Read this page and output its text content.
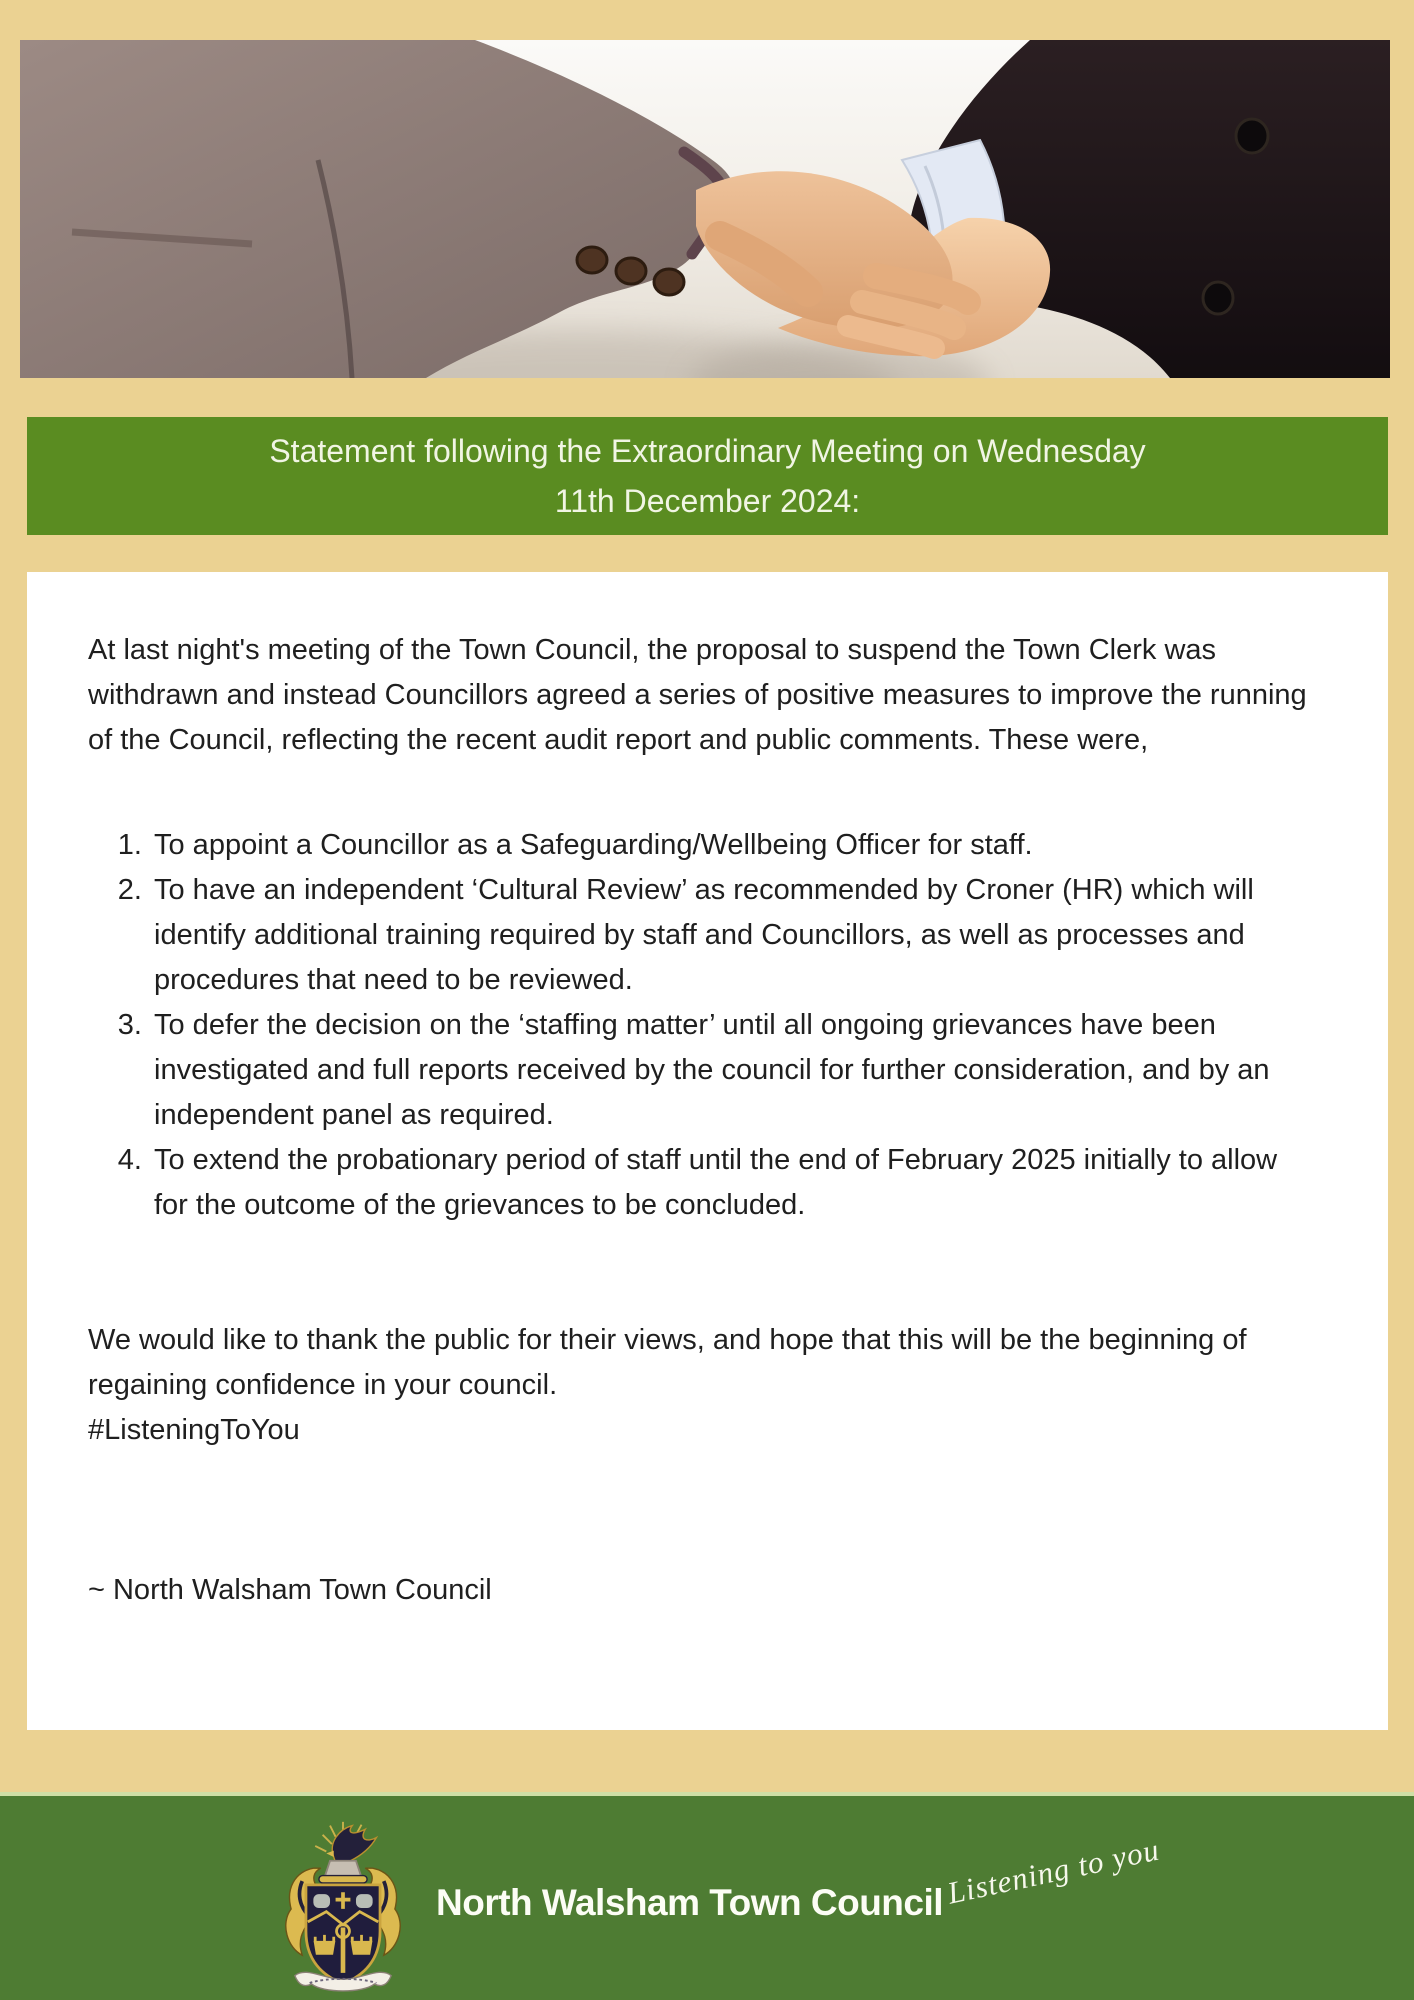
Statement following the Extraordinary Meeting on Wednesday
11th December 2024:

At last night's meeting of the Town Council, the proposal to suspend the Town Clerk was withdrawn and instead Councillors agreed a series of positive measures to improve the running of the Council, reflecting the recent audit report and public comments. These were,

1. To appoint a Councillor as a Safeguarding/Wellbeing Officer for staff.
2. To have an independent ‘Cultural Review’ as recommended by Croner (HR) which will identify additional training required by staff and Councillors, as well as processes and procedures that need to be reviewed.
3. To defer the decision on the ‘staffing matter’ until all ongoing grievances have been investigated and full reports received by the council for further consideration, and by an independent panel as required.
4. To extend the probationary period of staff until the end of February 2025 initially to allow for the outcome of the grievances to be concluded.

We would like to thank the public for their views, and hope that this will be the beginning of regaining confidence in your council.

#ListeningToYou

~ North Walsham Town Council

North Walsham Town Council Listening to you
